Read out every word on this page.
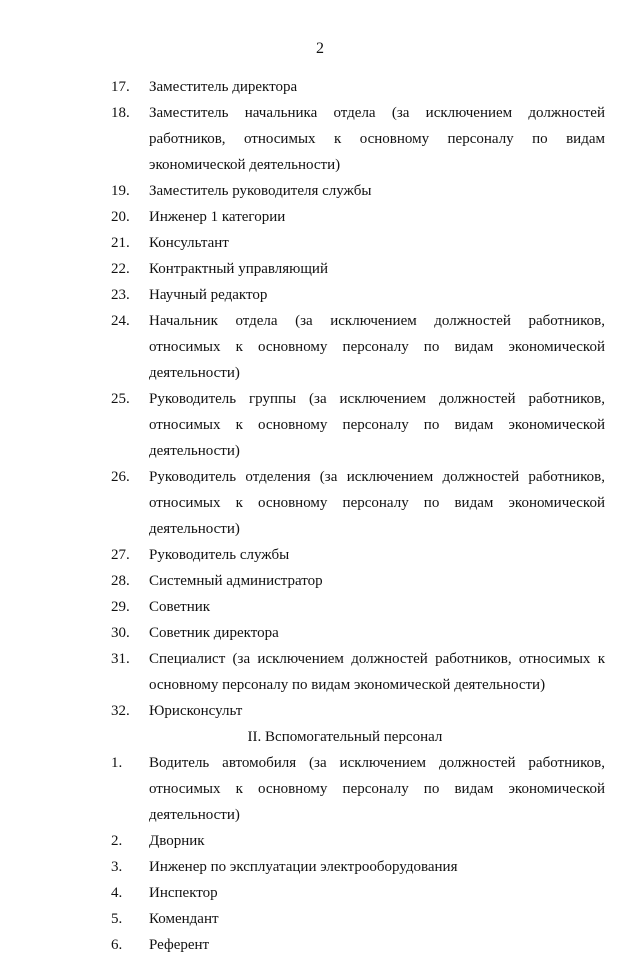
2
17.	Заместитель директора
18.	Заместитель начальника отдела (за исключением должностей работников, относимых к основному персоналу по видам экономической деятельности)
19.	Заместитель руководителя службы
20.	Инженер 1 категории
21.	Консультант
22.	Контрактный управляющий
23.	Научный редактор
24.	Начальник отдела (за исключением должностей работников, относимых к основному персоналу по видам экономической деятельности)
25.	Руководитель группы (за исключением должностей работников, относимых к основному персоналу по видам экономической деятельности)
26.	Руководитель отделения (за исключением должностей работников, относимых к основному персоналу по видам экономической деятельности)
27.	Руководитель службы
28.	Системный администратор
29.	Советник
30.	Советник директора
31.	Специалист (за исключением должностей работников, относимых к основному персоналу по видам экономической деятельности)
32.	Юрисконсульт
II. Вспомогательный персонал
1.	Водитель автомобиля (за исключением должностей работников, относимых к основному персоналу по видам экономической деятельности)
2.	Дворник
3.	Инженер по эксплуатации электрооборудования
4.	Инспектор
5.	Комендант
6.	Референт
